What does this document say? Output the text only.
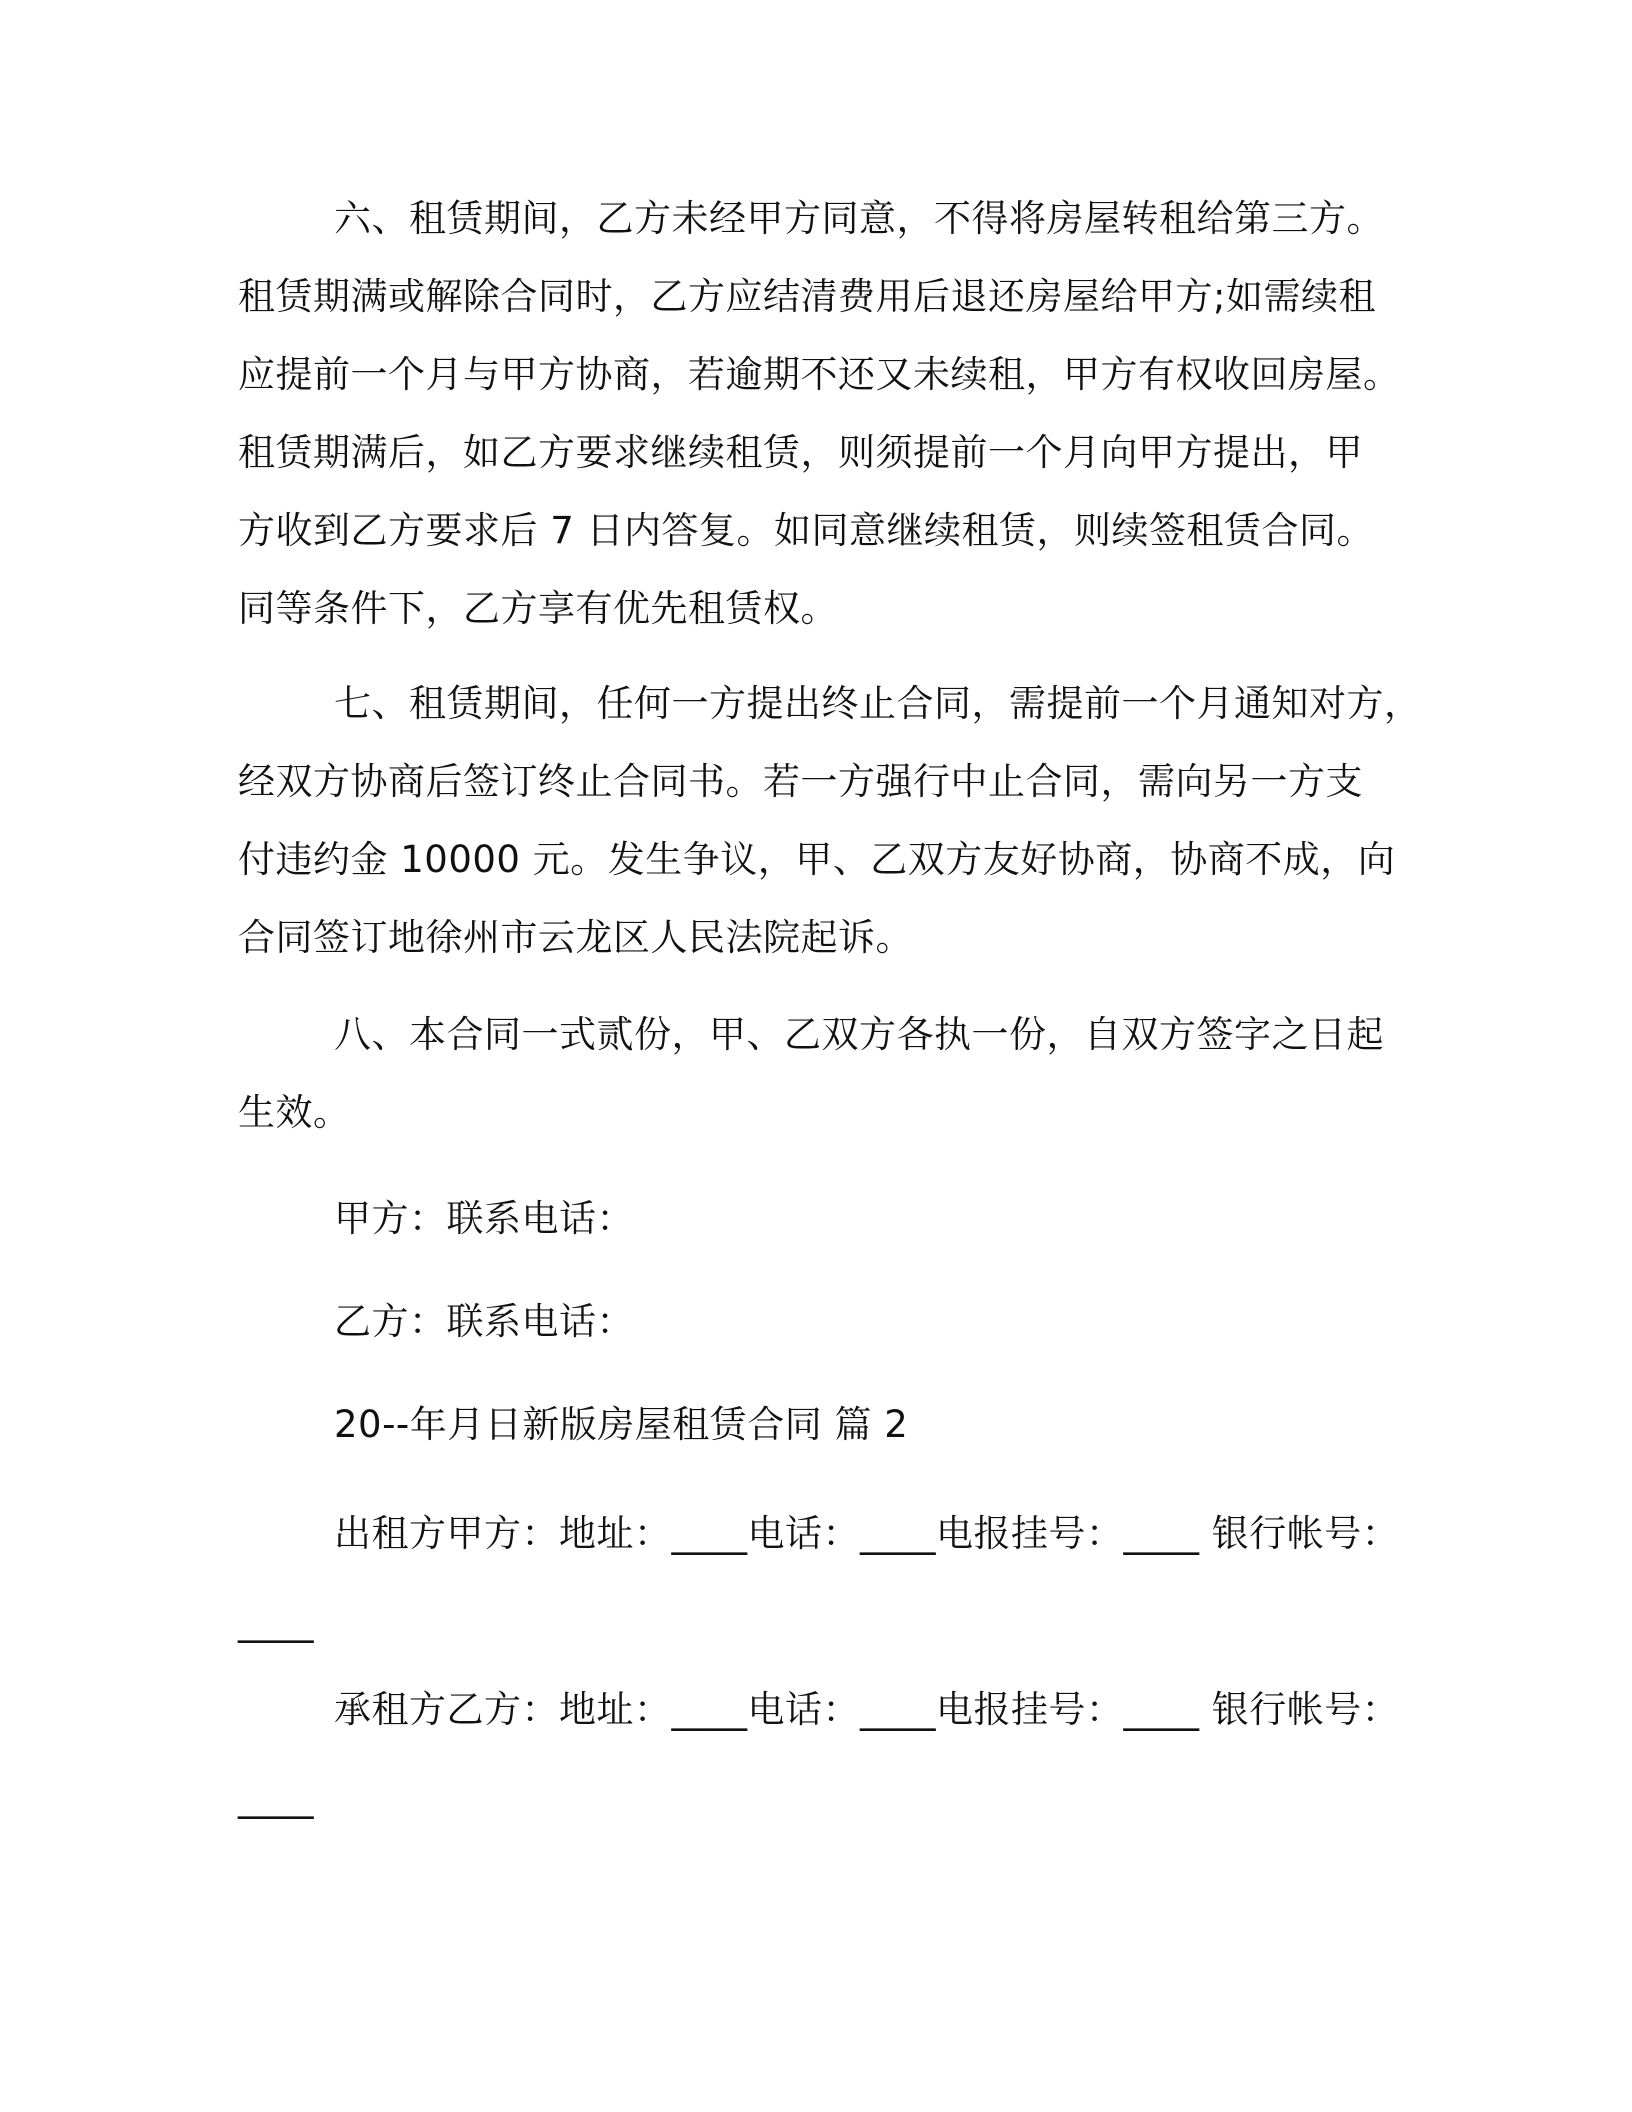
六、租赁期间，乙方未经甲方同意，不得将房屋转租给第三方。
租赁期满或解除合同时，乙方应结清费用后退还房屋给甲方;如需续租
应提前一个月与甲方协商，若逾期不还又未续租，甲方有权收回房屋。
租赁期满后，如乙方要求继续租赁，则须提前一个月向甲方提出，甲
方收到乙方要求后 7 日内答复。如同意继续租赁，则续签租赁合同。
同等条件下，乙方享有优先租赁权。
七、租赁期间，任何一方提出终止合同，需提前一个月通知对方，
经双方协商后签订终止合同书。若一方强行中止合同，需向另一方支
付违约金 10000 元。发生争议，甲、乙双方友好协商，协商不成，向
合同签订地徐州市云龙区人民法院起诉。
八、本合同一式贰份，甲、乙双方各执一份，自双方签字之日起
生效。
甲方：联系电话：
乙方：联系电话：
20--年月日新版房屋租赁合同 篇 2
出租方甲方：地址：____电话：____电报挂号：____ 银行帐号：
____
承租方乙方：地址：____电话：____电报挂号：____ 银行帐号：
____
